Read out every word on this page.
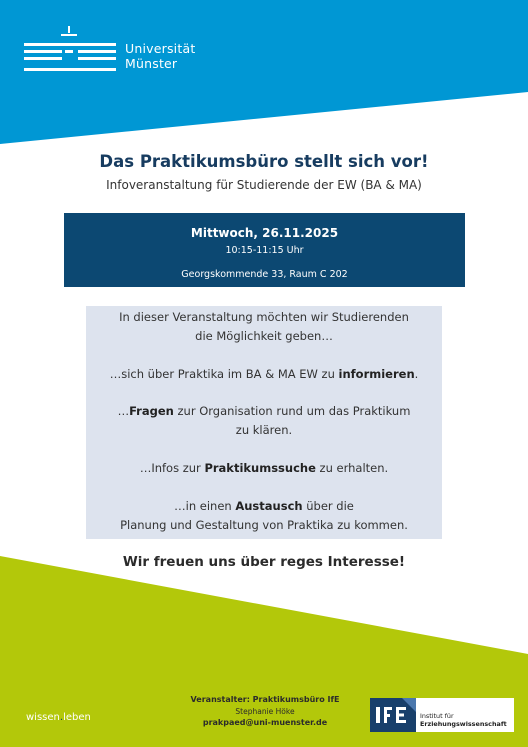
Universität
Münster
Das Praktikumsbüro stellt sich vor!
Infoveranstaltung für Studierende der EW (BA & MA)
Mittwoch, 26.11.2025
10:15-11:15 Uhr
Georgskommende 33, Raum C 202
In dieser Veranstaltung möchten wir Studierenden
die Möglichkeit geben…
…sich über Praktika im BA & MA EW zu informieren.
…Fragen zur Organisation rund um das Praktikum
zu klären.
…Infos zur Praktikumssuche zu erhalten.
…in einen Austausch über die
Planung und Gestaltung von Praktika zu kommen.
Wir freuen uns über reges Interesse!
wissen.leben
Veranstalter: Praktikumsbüro IfE
Stephanie Höke
prakpaed@uni-muenster.de
Institut für
Erziehungswissenschaft
